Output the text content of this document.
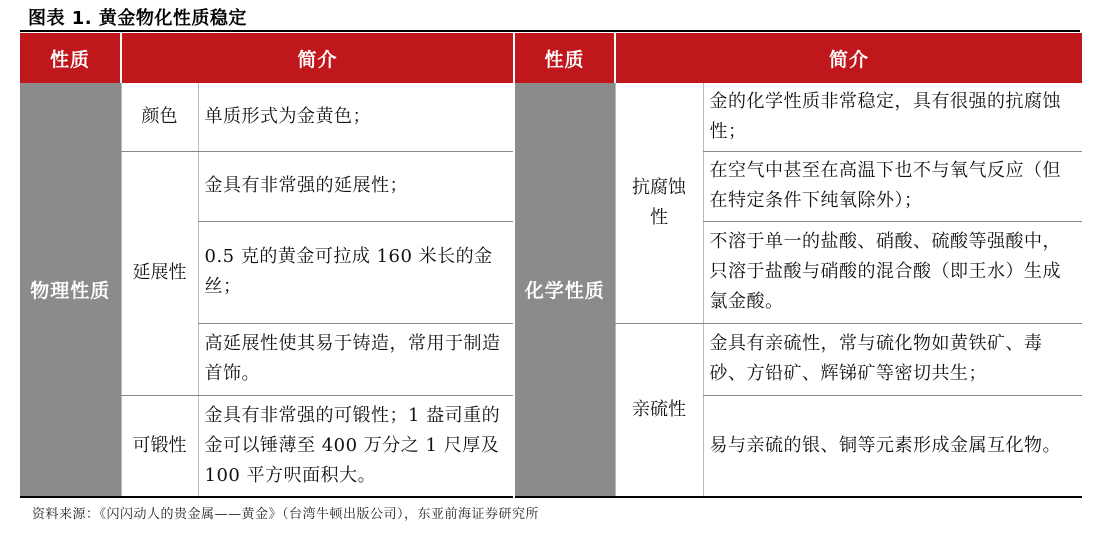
图表 1. 黄金物化性质稳定
性质	简介		性质	简介	
物理性质	颜色	单质形式为金黄色；	化学性质	抗腐蚀性	金的化学性质非常稳定，具有很强的抗腐蚀性；

	延展性	金具有非常强的延展性；			在空气中甚至在高温下也不与氧气反应（但在特定条件下纯氧除外）；

		0.5 克的黄金可拉成 160 米长的金丝；			不溶于单一的盐酸、硝酸、硫酸等强酸中，只溶于盐酸与硝酸的混合酸（即王水）生成氯金酸。

		高延展性使其易于铸造，常用于制造首饰。		亲硫性	金具有亲硫性，常与硫化物如黄铁矿、毒砂、方铅矿、辉锑矿等密切共生；

	可锻性	金具有非常强的可锻性；1 盎司重的金可以锤薄至 400 万分之 1 尺厚及 100 平方呎面积大。			易与亲硫的银、铜等元素形成金属互化物。

资料来源：《闪闪动人的贵金属——黄金》（台湾牛顿出版公司），东亚前海证券研究所
